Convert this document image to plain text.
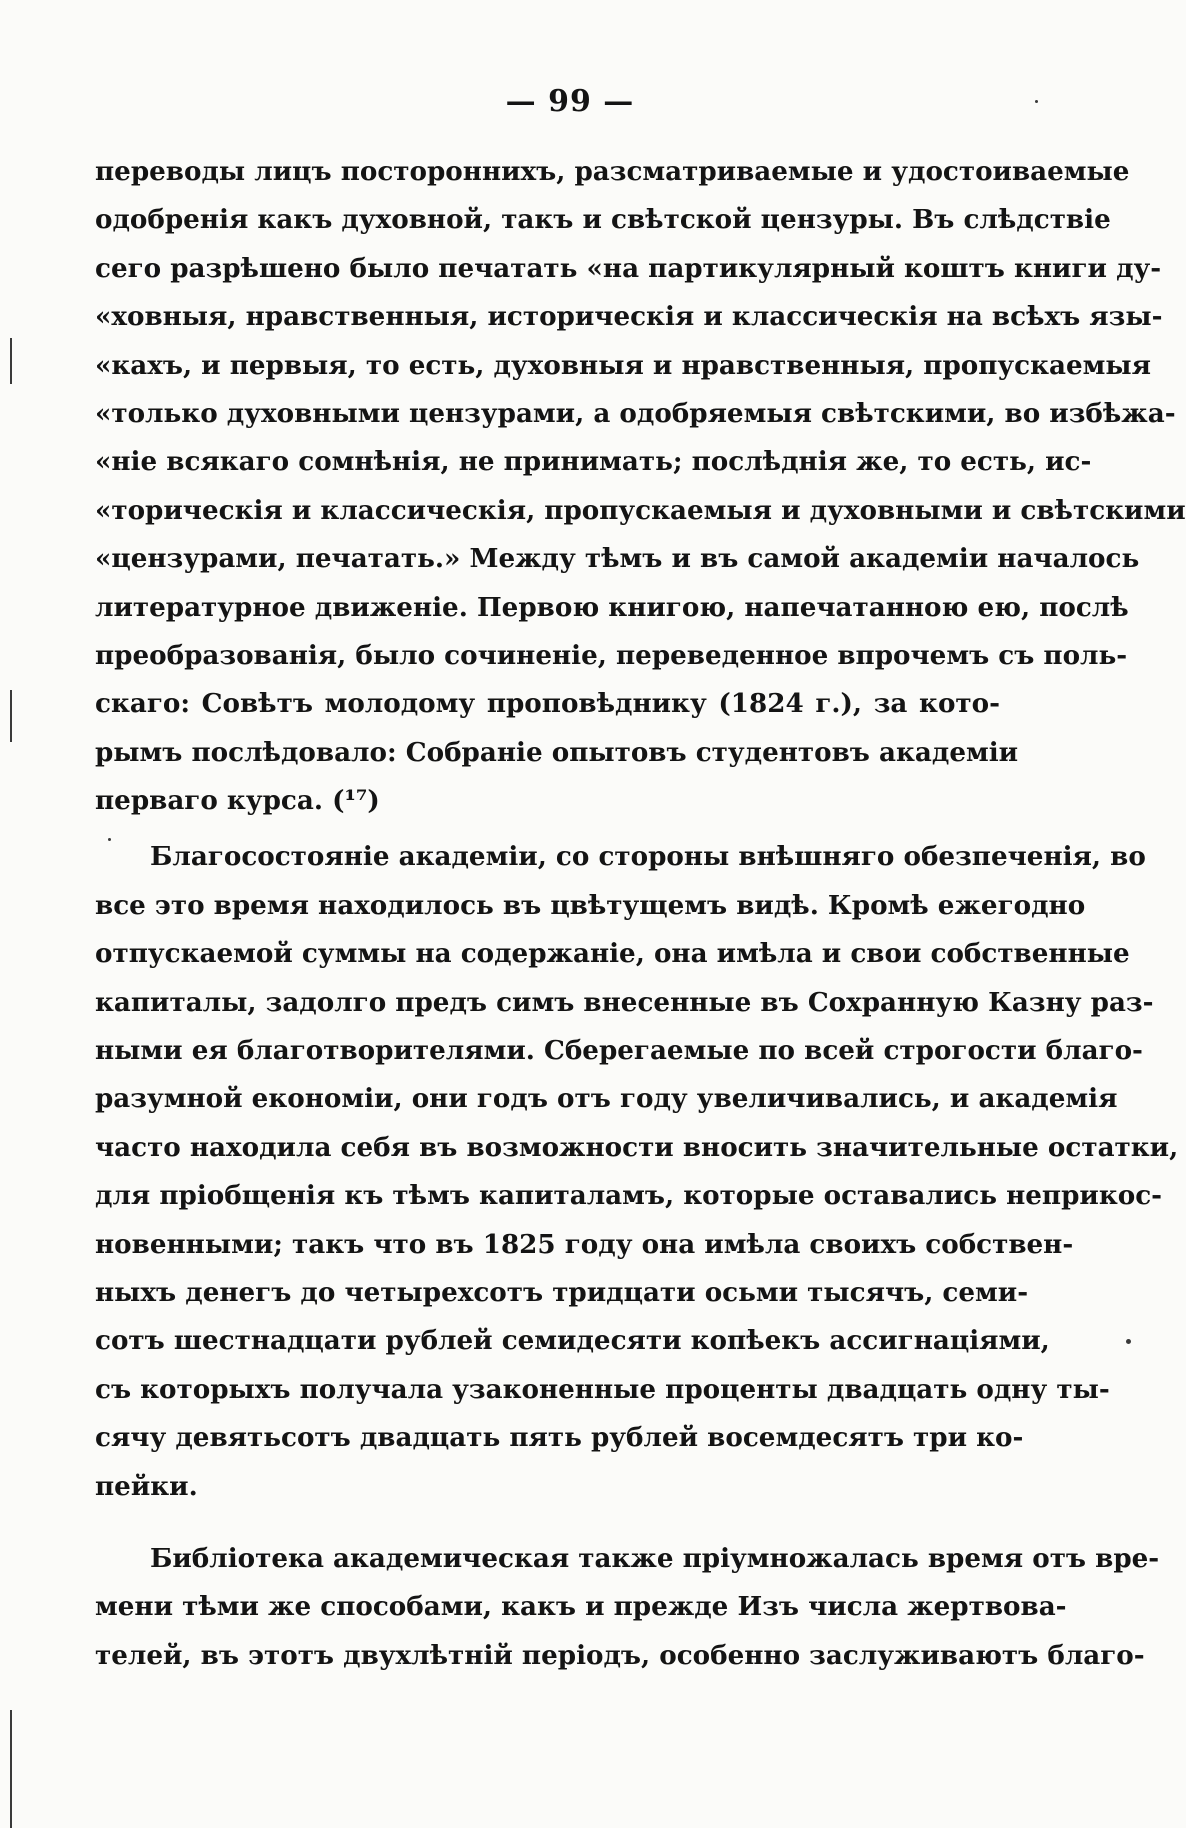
— 99 —
переводы лицъ постороннихъ, разсматриваемые и удостоиваемые
одобренія какъ духовной, такъ и свѣтской цензуры. Въ слѣдствіе
сего разрѣшено было печатать «на партикулярный коштъ книги ду-
«ховныя, нравственныя, историческія и классическія на всѣхъ язы-
«кахъ, и первыя, то есть, духовныя и нравственныя, пропускаемыя
«только духовными цензурами, а одобряемыя свѣтскими, во избѣжа-
«ніе всякаго сомнѣнія, не принимать; послѣднія же, то есть, ис-
«торическія и классическія, пропускаемыя и духовными и свѣтскими
«цензурами, печатать.» Между тѣмъ и въ самой академіи началось
литературное движеніе. Первою книгою, напечатанною ею, послѣ
преобразованія, было сочиненіе, переведенное впрочемъ съ поль-
скаго: Совѣтъ молодому проповѣднику (1824 г.), за кото-
рымъ послѣдовало: Собраніе опытовъ студентовъ академіи
перваго курса. (¹⁷)
Благосостояніе академіи, со стороны внѣшняго обезпеченія, во
все это время находилось въ цвѣтущемъ видѣ. Кромѣ ежегодно
отпускаемой суммы на содержаніе, она имѣла и свои собственные
капиталы, задолго предъ симъ внесенные въ Сохранную Казну раз-
ными ея благотворителями. Сберегаемые по всей строгости благо-
разумной економіи, они годъ отъ году увеличивались, и академія
часто находила себя въ возможности вносить значительные остатки,
для пріобщенія къ тѣмъ капиталамъ, которые оставались неприкос-
новенными; такъ что въ 1825 году она имѣла своихъ собствен-
ныхъ денегъ до четырехсотъ тридцати осьми тысячъ, семи-
сотъ шестнадцати рублей семидесяти копѣекъ ассигнаціями,
съ которыхъ получала узаконенные проценты двадцать одну ты-
сячу девятьсотъ двадцать пять рублей восемдесятъ три ко-
пейки.
Библіотека академическая также пріумножалась время отъ вре-
мени тѣми же способами, какъ и прежде Изъ числа жертвова-
телей, въ этотъ двухлѣтній періодъ, особенно заслуживаютъ благо-
